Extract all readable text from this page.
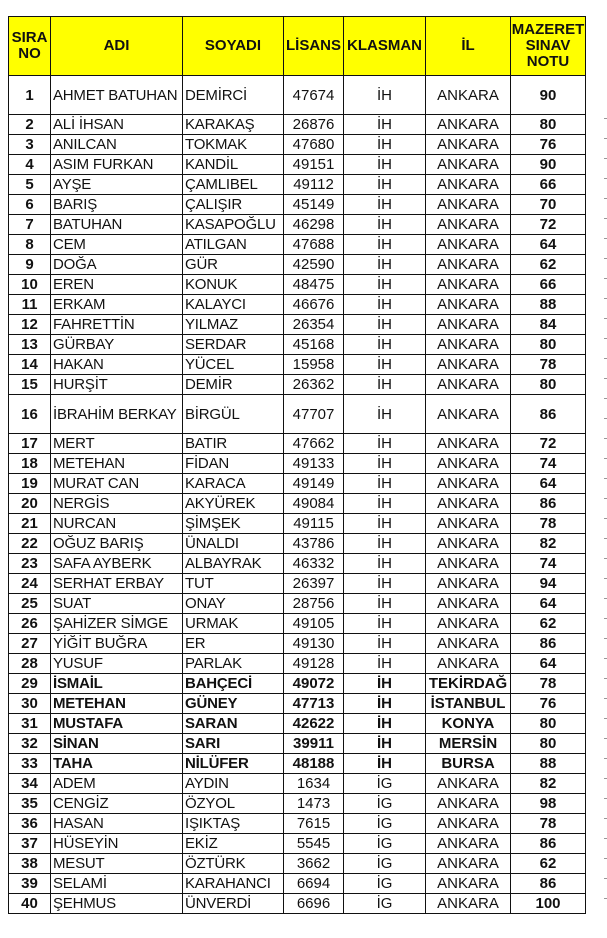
SIRA NO	ADI	SOYADI	LİSANS	KLASMAN	İL	MAZERET SINAV NOTU
1	AHMET BATUHAN	DEMİRCİ	47674	İH	ANKARA	90
2	ALİ İHSAN	KARAKAŞ	26876	İH	ANKARA	80
3	ANILCAN	TOKMAK	47680	İH	ANKARA	76
4	ASIM FURKAN	KANDİL	49151	İH	ANKARA	90
5	AYŞE	ÇAMLIBEL	49112	İH	ANKARA	66
6	BARIŞ	ÇALIŞIR	45149	İH	ANKARA	70
7	BATUHAN	KASAPOĞLU	46298	İH	ANKARA	72
8	CEM	ATILGAN	47688	İH	ANKARA	64
9	DOĞA	GÜR	42590	İH	ANKARA	62
10	EREN	KONUK	48475	İH	ANKARA	66
11	ERKAM	KALAYCI	46676	İH	ANKARA	88
12	FAHRETTİN	YILMAZ	26354	İH	ANKARA	84
13	GÜRBAY	SERDAR	45168	İH	ANKARA	80
14	HAKAN	YÜCEL	15958	İH	ANKARA	78
15	HURŞİT	DEMİR	26362	İH	ANKARA	80
16	İBRAHİM BERKAY	BİRGÜL	47707	İH	ANKARA	86
17	MERT	BATIR	47662	İH	ANKARA	72
18	METEHAN	FİDAN	49133	İH	ANKARA	74
19	MURAT CAN	KARACA	49149	İH	ANKARA	64
20	NERGİS	AKYÜREK	49084	İH	ANKARA	86
21	NURCAN	ŞİMŞEK	49115	İH	ANKARA	78
22	OĞUZ BARIŞ	ÜNALDI	43786	İH	ANKARA	82
23	SAFA AYBERK	ALBAYRAK	46332	İH	ANKARA	74
24	SERHAT ERBAY	TUT	26397	İH	ANKARA	94
25	SUAT	ONAY	28756	İH	ANKARA	64
26	ŞAHİZER SİMGE	URMAK	49105	İH	ANKARA	62
27	YİĞİT BUĞRA	ER	49130	İH	ANKARA	86
28	YUSUF	PARLAK	49128	İH	ANKARA	64
29	İSMAİL	BAHÇECİ	49072	İH	TEKİRDAĞ	78
30	METEHAN	GÜNEY	47713	İH	İSTANBUL	76
31	MUSTAFA	SARAN	42622	İH	KONYA	80
32	SİNAN	SARI	39911	İH	MERSİN	80
33	TAHA	NİLÜFER	48188	İH	BURSA	88
34	ADEM	AYDIN	1634	İG	ANKARA	82
35	CENGİZ	ÖZYOL	1473	İG	ANKARA	98
36	HASAN	IŞIKTAŞ	7615	İG	ANKARA	78
37	HÜSEYİN	EKİZ	5545	İG	ANKARA	86
38	MESUT	ÖZTÜRK	3662	İG	ANKARA	62
39	SELAMİ	KARAHANCI	6694	İG	ANKARA	86
40	ŞEHMUS	ÜNVERDİ	6696	İG	ANKARA	100
